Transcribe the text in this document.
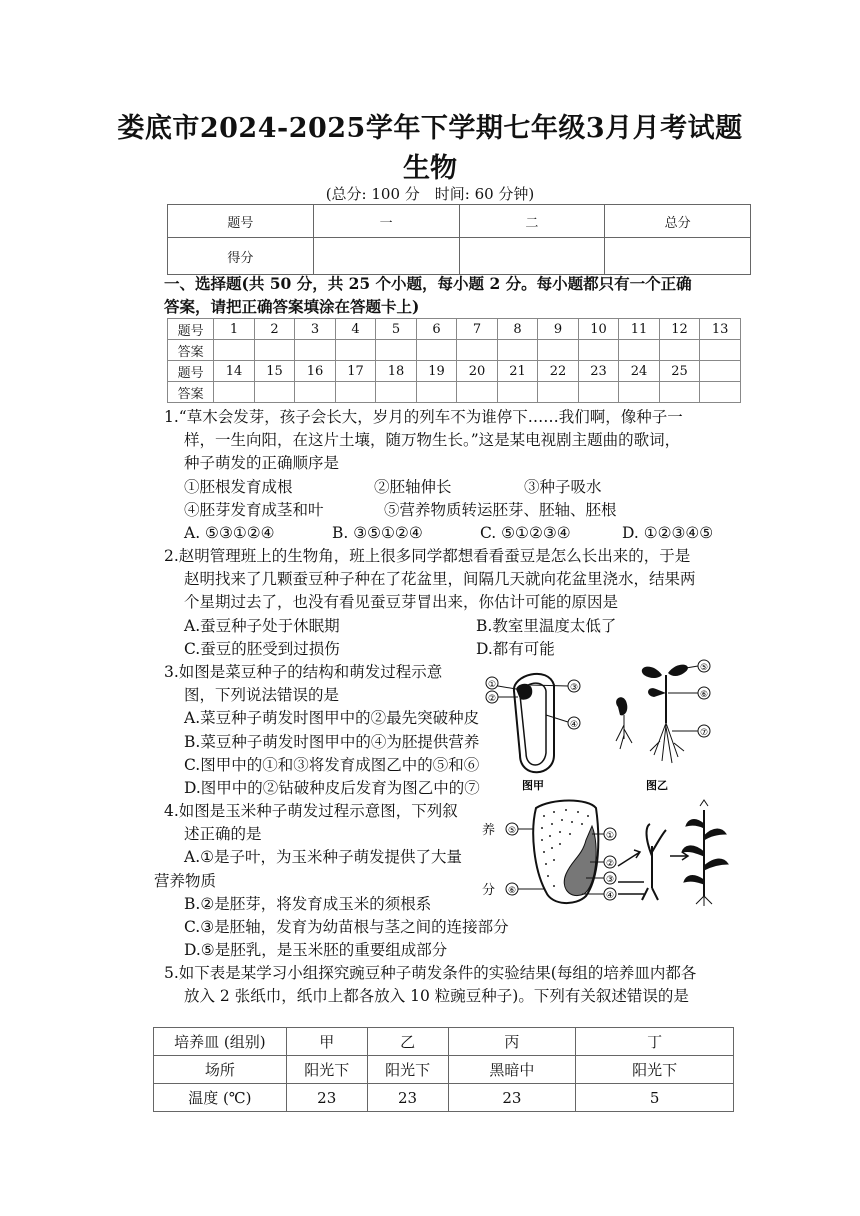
娄底市2024-2025学年下学期七年级3月月考试题
生物
(总分: 100 分　时间: 60 分钟)
题号	一	二	总分
得分			
一、选择题(共 50 分，共 25 个小题，每小题 2 分。每小题都只有一个正确
答案，请把正确答案填涂在答题卡上)
题号	1	2	3	4	5	6	7	8	9	10	11	12	13
答案													
题号	14	15	16	17	18	19	20	21	22	23	24	25	
答案													

1.“草木会发芽，孩子会长大，岁月的列车不为谁停下……我们啊，像种子一

样，一生向阳，在这片土壤，随万物生长。”这是某电视剧主题曲的歌词，

种子萌发的正确顺序是

①胚根发育成根	②胚轴伸长	③种子吸水
④胚芽发育成茎和叶	⑤营养物质转运胚芽、胚轴、胚根
A. ⑤③①②④	B. ③⑤①②④	C. ⑤①②③④	D. ①②③④⑤

2.赵明管理班上的生物角，班上很多同学都想看看蚕豆是怎么长出来的，于是

赵明找来了几颗蚕豆种子种在了花盆里，间隔几天就向花盆里浇水，结果两

个星期过去了，也没有看见蚕豆芽冒出来，你估计可能的原因是

A.蚕豆种子处于休眠期	B.教室里温度太低了
C.蚕豆的胚受到过损伤	D.都有可能

3.如图是菜豆种子的结构和萌发过程示意

图，下列说法错误的是

A.菜豆种子萌发时图甲中的②最先突破种皮

B.菜豆种子萌发时图甲中的④为胚提供营养

C.图甲中的①和③将发育成图乙中的⑤和⑥

D.图甲中的②钻破种皮后发育为图乙中的⑦

①
②
③
④
图甲
⑤
⑥
⑦
图乙

4.如图是玉米种子萌发过程示意图，下列叙

述正确的是

A.①是子叶，为玉米种子萌发提供了大量

营养物质

B.②是胚芽，将发育成玉米的须根系

C.③是胚轴，发育为幼苗根与茎之间的连接部分

D.⑤是胚乳，是玉米胚的重要组成部分

养
分
⑤
⑥
①
②
③
④

5.如下表是某学习小组探究豌豆种子萌发条件的实验结果(每组的培养皿内都各

放入 2 张纸巾，纸巾上都各放入 10 粒豌豆种子)。下列有关叙述错误的是

培养皿 (组别)	甲	乙	丙	丁
场所	阳光下	阳光下	黑暗中	阳光下
温度 (℃)	23	23	23	5
